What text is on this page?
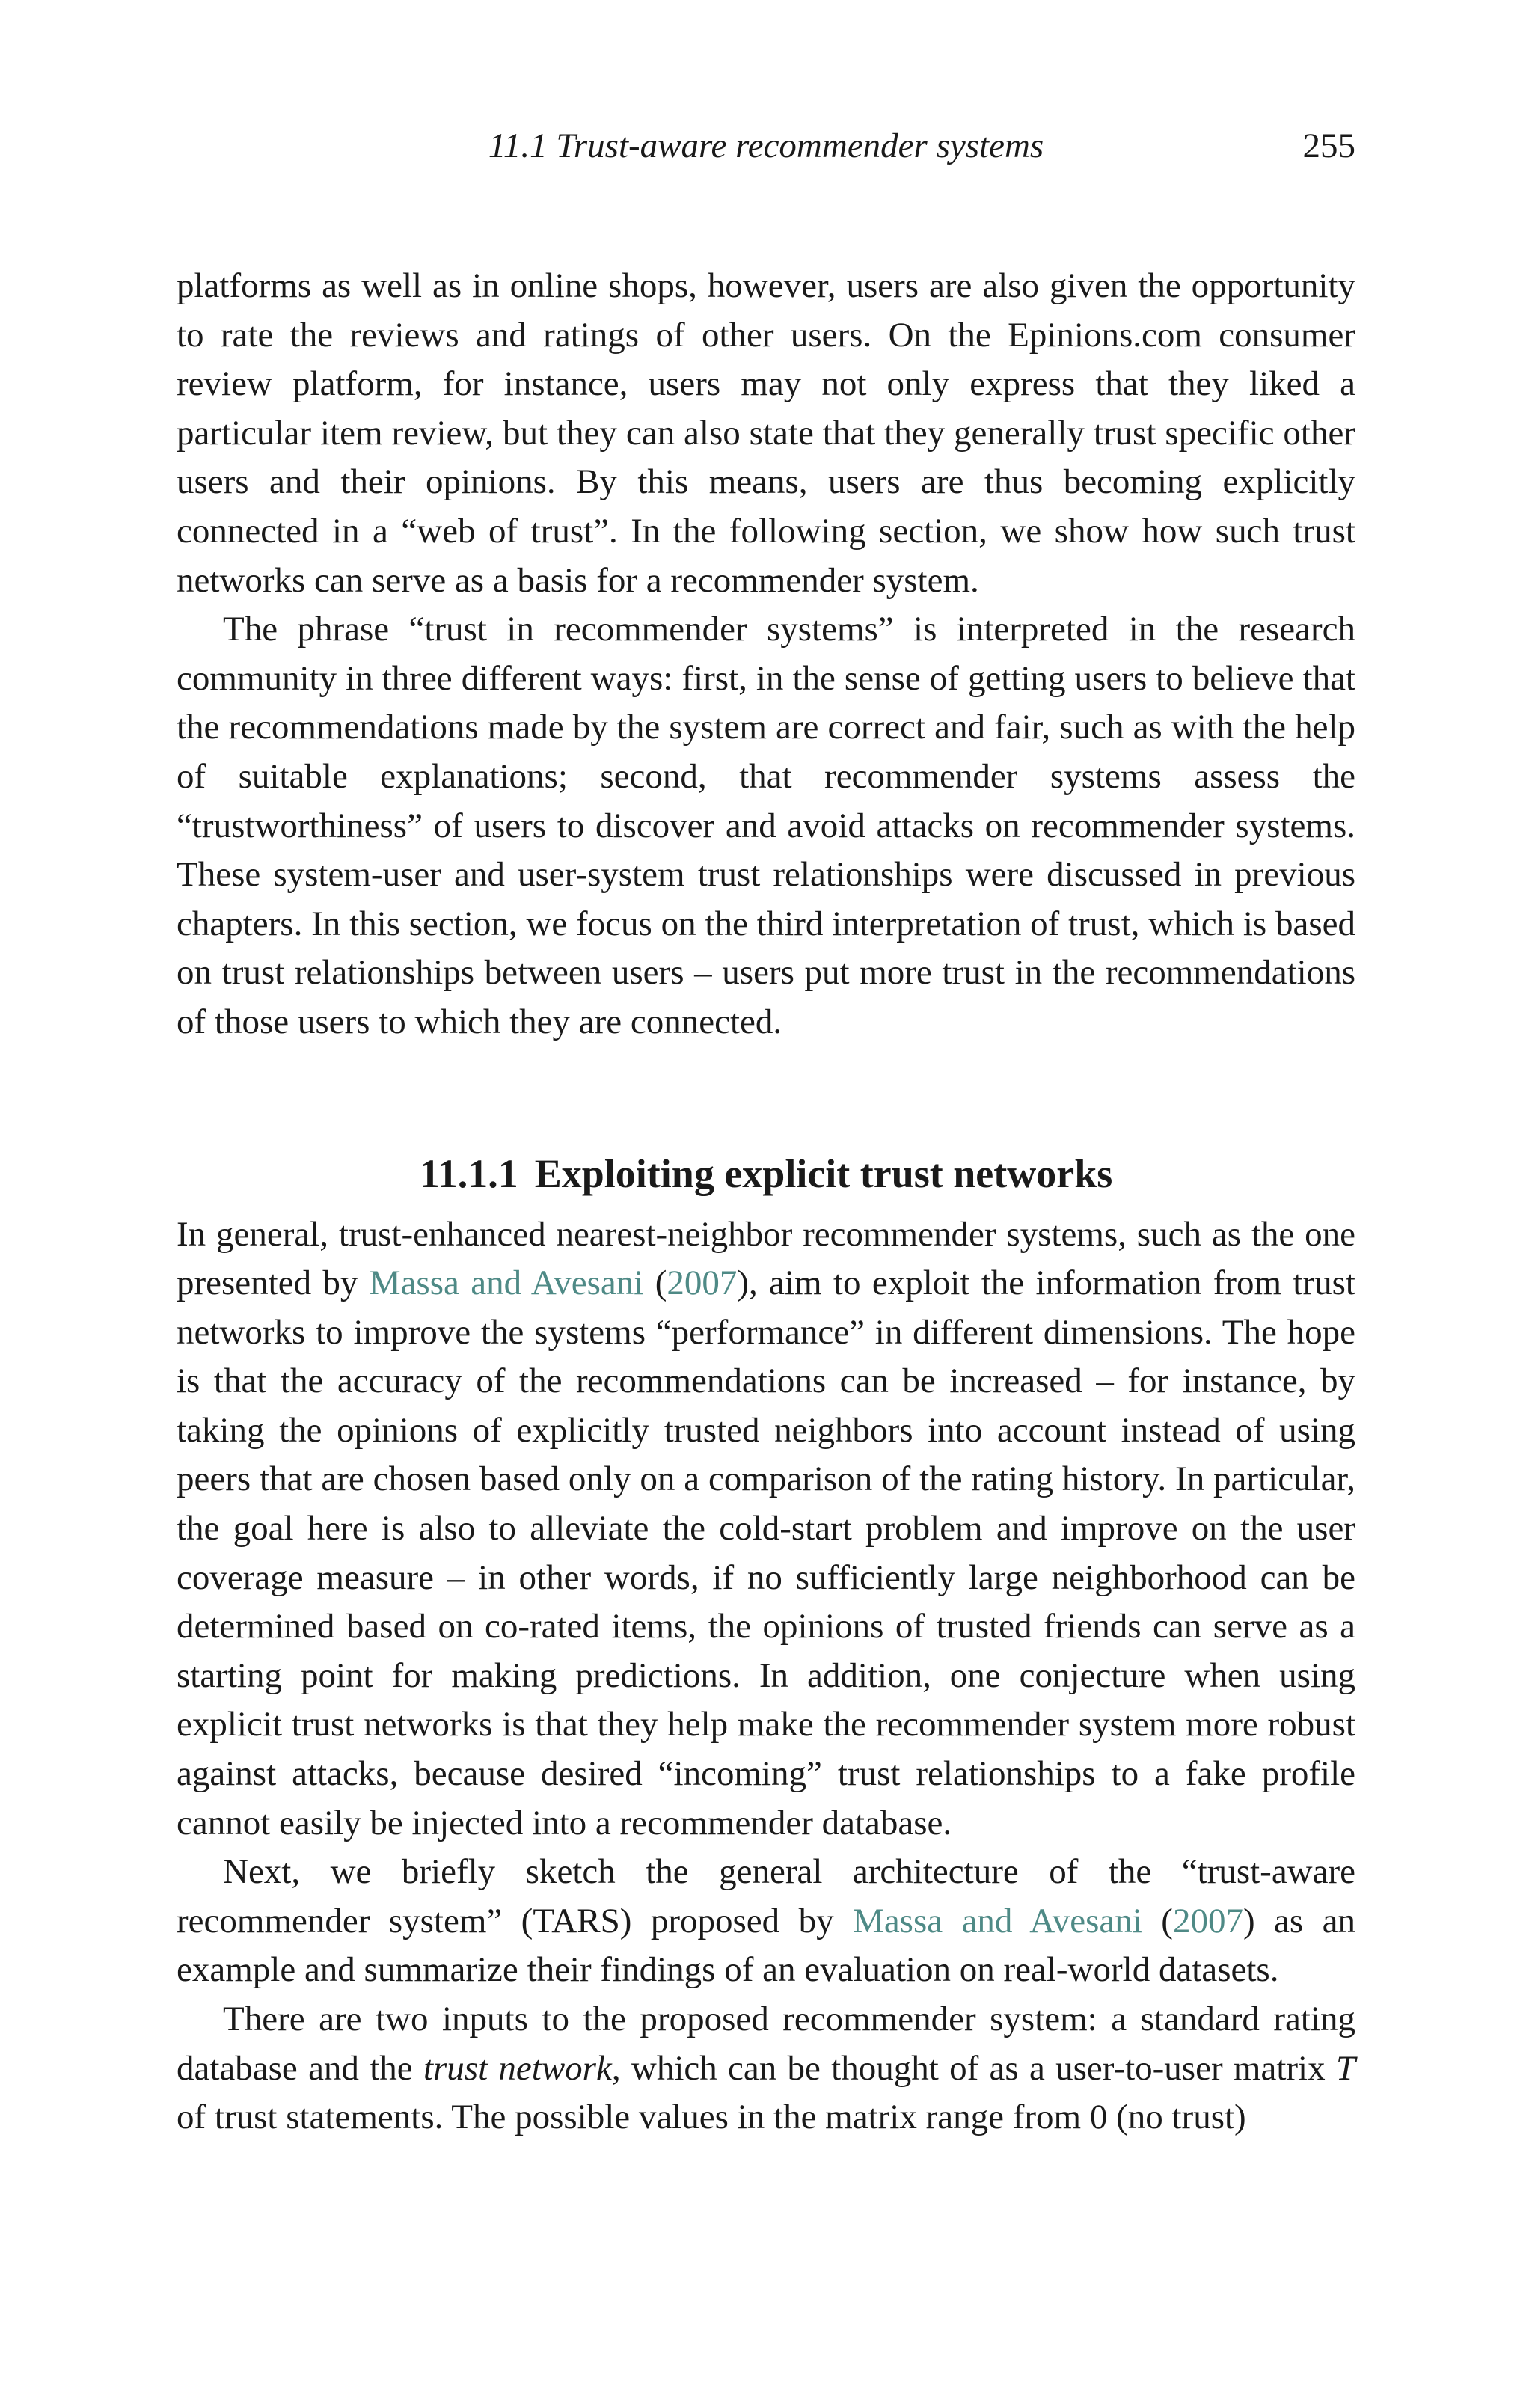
11.1 Trust-aware recommender systems	255

platforms as well as in online shops, however, users are also given the opportunity to rate the reviews and ratings of other users. On the Epinions.com consumer review platform, for instance, users may not only express that they liked a particular item review, but they can also state that they generally trust specific other users and their opinions. By this means, users are thus becoming explicitly connected in a “web of trust”. In the following section, we show how such trust networks can serve as a basis for a recommender system.

The phrase “trust in recommender systems” is interpreted in the research community in three different ways: first, in the sense of getting users to believe that the recommendations made by the system are correct and fair, such as with the help of suitable explanations; second, that recommender systems assess the “trustworthiness” of users to discover and avoid attacks on recommender systems. These system-user and user-system trust relationships were discussed in previous chapters. In this section, we focus on the third interpretation of trust, which is based on trust relationships between users – users put more trust in the recommendations of those users to which they are connected.

11.1.1 Exploiting explicit trust networks

In general, trust-enhanced nearest-neighbor recommender systems, such as the one presented by Massa and Avesani (2007), aim to exploit the information from trust networks to improve the systems “performance” in different dimensions. The hope is that the accuracy of the recommendations can be increased – for instance, by taking the opinions of explicitly trusted neighbors into account instead of using peers that are chosen based only on a comparison of the rating history. In particular, the goal here is also to alleviate the cold-start problem and improve on the user coverage measure – in other words, if no sufficiently large neighborhood can be determined based on co-rated items, the opinions of trusted friends can serve as a starting point for making predictions. In addition, one conjecture when using explicit trust networks is that they help make the recommender system more robust against attacks, because desired “incoming” trust relationships to a fake profile cannot easily be injected into a recommender database.

Next, we briefly sketch the general architecture of the “trust-aware recommender system” (TARS) proposed by Massa and Avesani (2007) as an example and summarize their findings of an evaluation on real-world datasets.

There are two inputs to the proposed recommender system: a standard rating database and the trust network, which can be thought of as a user-to-user matrix T of trust statements. The possible values in the matrix range from 0 (no trust)
